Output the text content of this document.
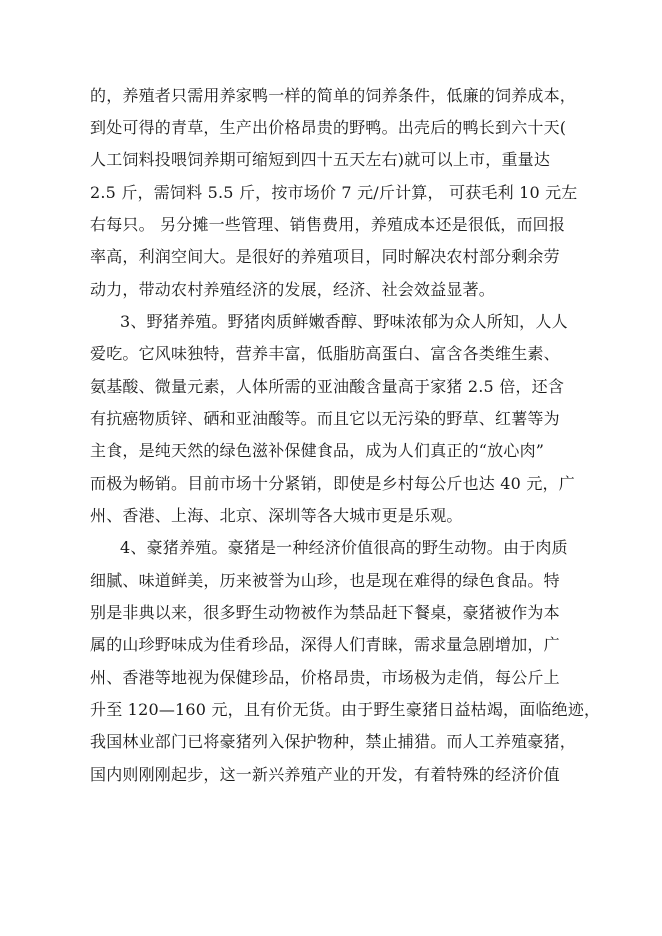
的，养殖者只需用养家鸭一样的简单的饲养条件，低廉的饲养成本，
到处可得的青草，生产出价格昂贵的野鸭。出壳后的鸭长到六十天(
人工饲料投喂饲养期可缩短到四十五天左右)就可以上市，重量达
2.5 斤，需饲料 5.5 斤，按市场价 7 元/斤计算， 可获毛利 10 元左
右每只。 另分摊一些管理、销售费用，养殖成本还是很低，而回报
率高，利润空间大。是很好的养殖项目，同时解决农村部分剩余劳
动力，带动农村养殖经济的发展，经济、社会效益显著。
3、野猪养殖。野猪肉质鲜嫩香醇、野味浓郁为众人所知，人人
爱吃。它风味独特，营养丰富，低脂肪高蛋白、富含各类维生素、
氨基酸、微量元素，人体所需的亚油酸含量高于家猪 2.5 倍，还含
有抗癌物质锌、硒和亚油酸等。而且它以无污染的野草、红薯等为
主食，是纯天然的绿色滋补保健食品，成为人们真正的“放心肉”
而极为畅销。目前市场十分紧销，即使是乡村每公斤也达 40 元，广
州、香港、上海、北京、深圳等各大城市更是乐观。
4、豪猪养殖。豪猪是一种经济价值很高的野生动物。由于肉质
细腻、味道鲜美，历来被誉为山珍，也是现在难得的绿色食品。特
别是非典以来，很多野生动物被作为禁品赶下餐桌，豪猪被作为本
属的山珍野味成为佳肴珍品，深得人们青睐，需求量急剧增加，广
州、香港等地视为保健珍品，价格昂贵，市场极为走俏，每公斤上
升至 120—160 元，且有价无货。由于野生豪猪日益枯竭，面临绝迹，
我国林业部门已将豪猪列入保护物种，禁止捕猎。而人工养殖豪猪，
国内则刚刚起步，这一新兴养殖产业的开发，有着特殊的经济价值
